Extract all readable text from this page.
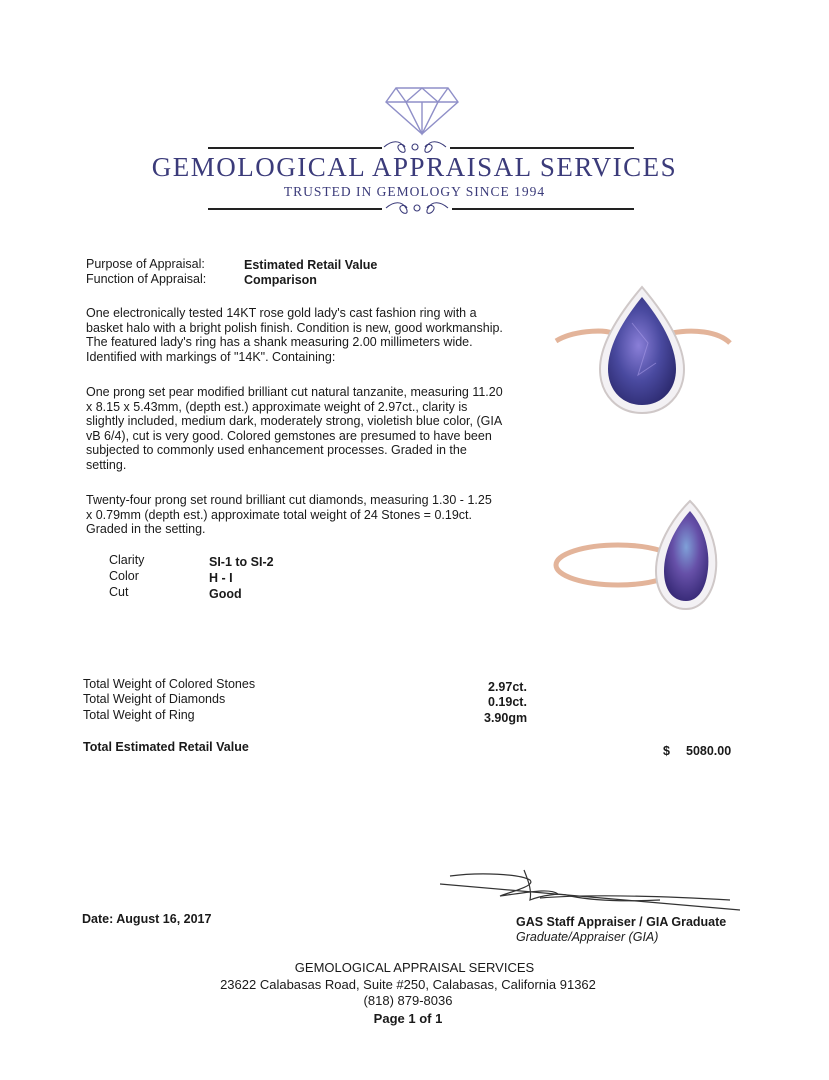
GEMOLOGICAL APPRAISAL SERVICES
TRUSTED IN GEMOLOGY SINCE 1994
Purpose of Appraisal:	Estimated Retail Value
Function of Appraisal:	Comparison
One electronically tested 14KT rose gold lady's cast fashion ring with a basket halo with a bright polish finish. Condition is new, good workmanship. The featured lady's ring has a shank measuring 2.00 millimeters wide. Identified with markings of "14K". Containing:
One prong set pear modified brilliant cut natural tanzanite, measuring 11.20 x 8.15 x 5.43mm, (depth est.) approximate weight of 2.97ct., clarity is slightly included, medium dark, moderately strong, violetish blue color, (GIA vB 6/4), cut is very good. Colored gemstones are presumed to have been subjected to commonly used enhancement processes. Graded in the setting.
Twenty-four prong set round brilliant cut diamonds, measuring 1.30 - 1.25 x 0.79mm (depth est.) approximate total weight of 24 Stones = 0.19ct. Graded in the setting.
Clarity	SI-1 to SI-2
Color	H - I
Cut	Good
Total Weight of Colored Stones	2.97ct.
Total Weight of Diamonds	0.19ct.
Total Weight of Ring	3.90gm
Total Estimated Retail Value	$ 5080.00
Date: August 16, 2017	GAS Staff Appraiser / GIA Graduate
Graduate/Appraiser (GIA)
GEMOLOGICAL APPRAISAL SERVICES
23622 Calabasas Road, Suite #250, Calabasas, California 91362
(818) 879-8036
Page 1 of 1
